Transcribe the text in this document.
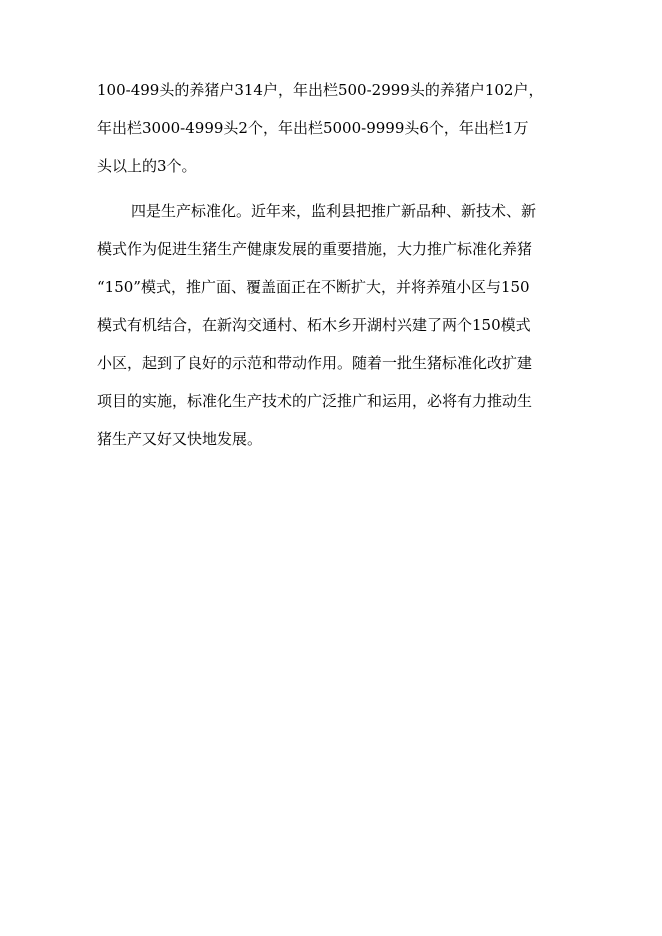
100-499头的养猪户314户，年出栏500-2999头的养猪户102户，
年出栏3000-4999头2个，年出栏5000-9999头6个，年出栏1万
头以上的3个。
四是生产标准化。近年来，监利县把推广新品种、新技术、新
模式作为促进生猪生产健康发展的重要措施，大力推广标准化养猪
“150”模式，推广面、覆盖面正在不断扩大，并将养殖小区与150
模式有机结合，在新沟交通村、柘木乡开湖村兴建了两个150模式
小区，起到了良好的示范和带动作用。随着一批生猪标准化改扩建
项目的实施，标准化生产技术的广泛推广和运用，必将有力推动生
猪生产又好又快地发展。
